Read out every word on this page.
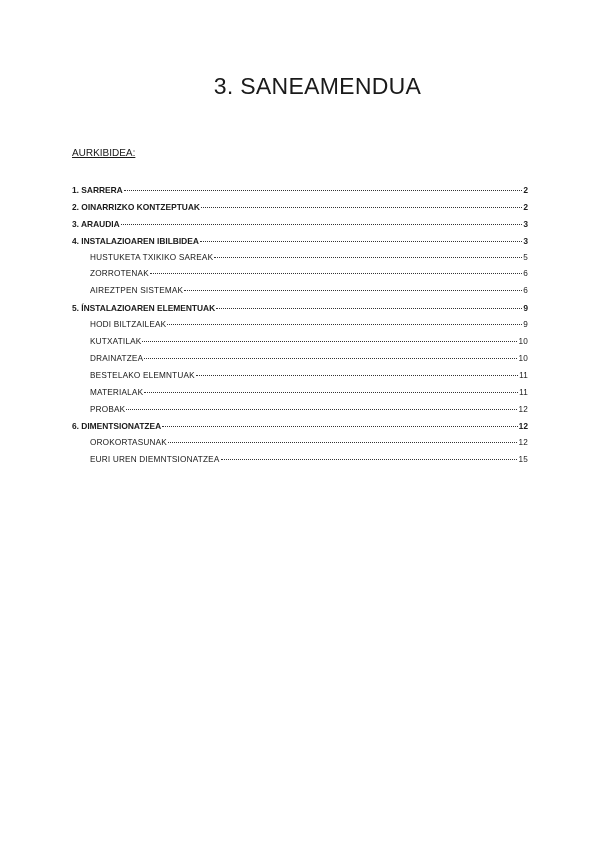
3. SANEAMENDUA
AURKIBIDEA:
1. SARRERA	2
2. OINARRIZKO KONTZEPTUAK	2
3. ARAUDIA	3
4. INSTALAZIOAREN IBILBIDEA	3
HUSTUKETA TXIKIKO SAREAK	5
ZORROTENAK	6
AIREZTPEN SISTEMAK	6
5. ÍNSTALAZIOAREN ELEMENTUAK	9
HODI BILTZAILEAK	9
KUTXATILAK	10
DRAINATZEA	10
BESTELAKO ELEMNTUAK	11
MATERIALAK	11
PROBAK	12
6. DIMENTSIONATZEA	12
OROKORTASUNAK	12
EURI UREN DIEMNTSIONATZEA	15
